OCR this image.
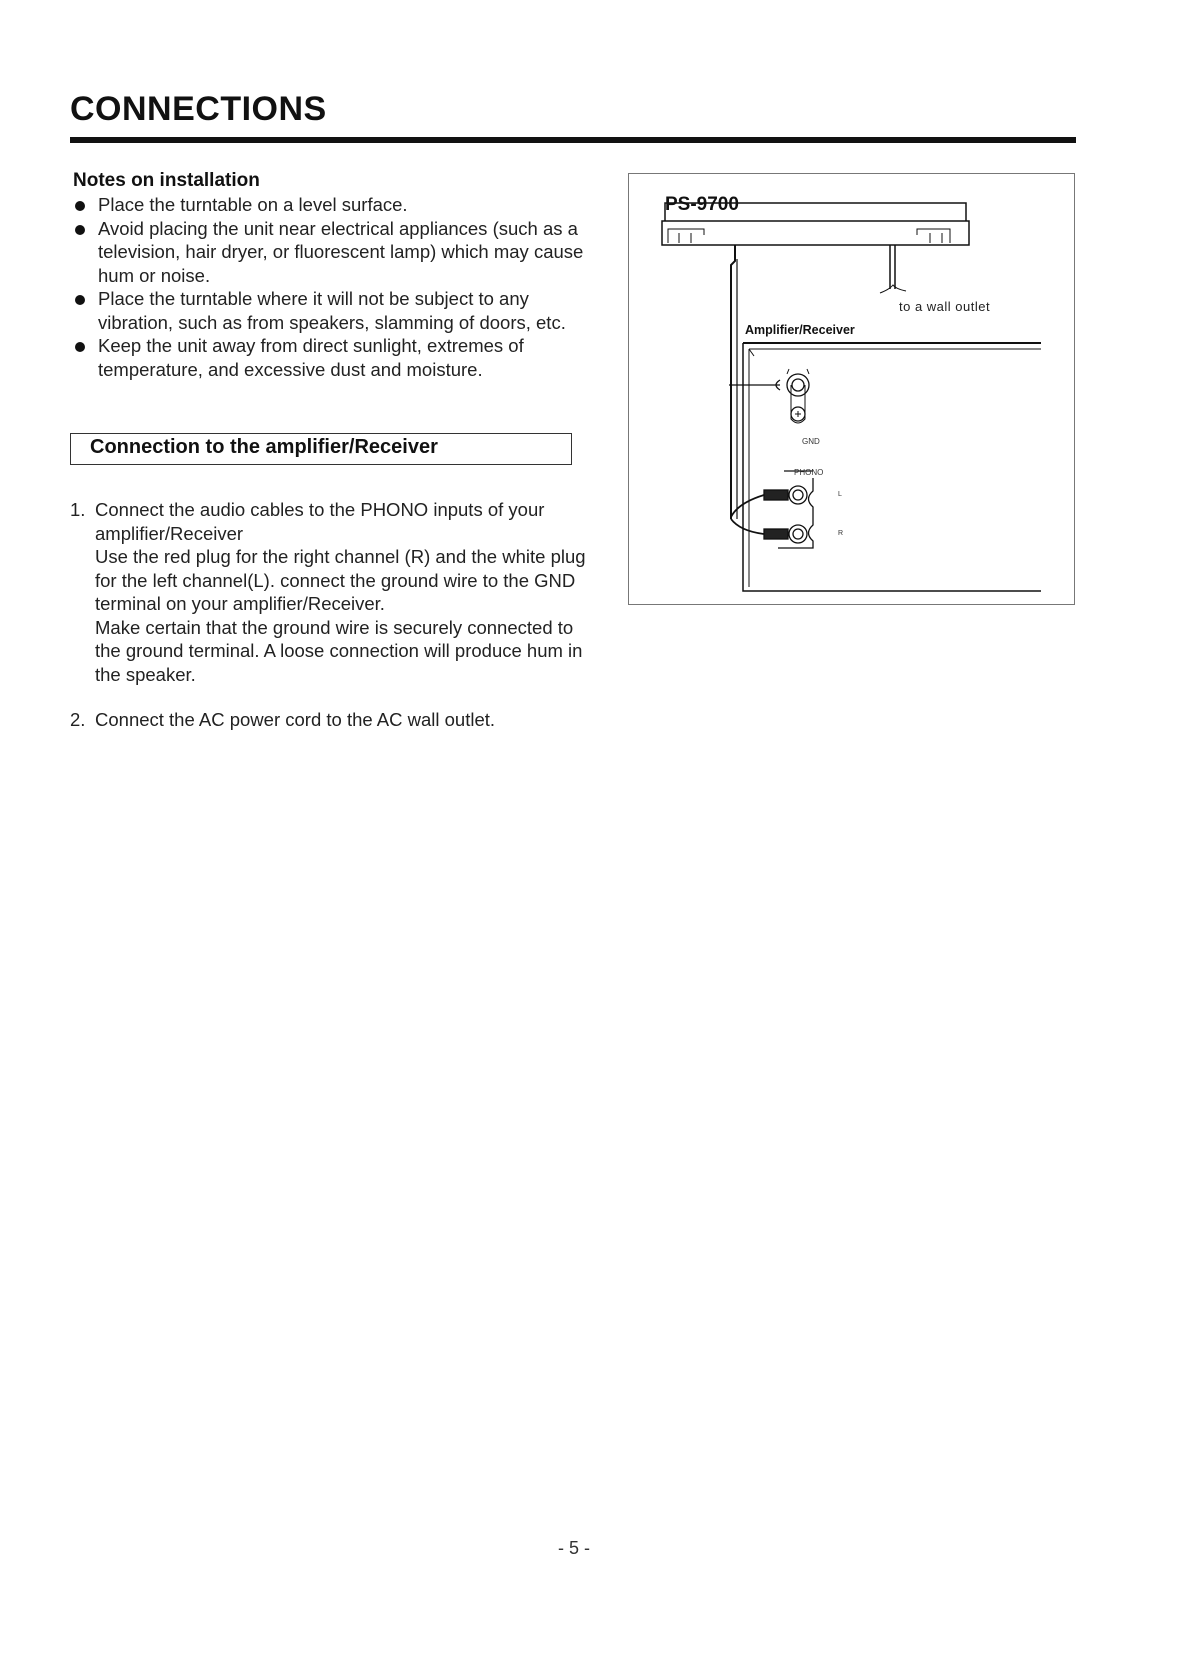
CONNECTIONS
Notes on installation
Place the turntable on a level surface.
Avoid placing the unit near electrical appliances (such as a television, hair dryer, or fluorescent lamp) which may cause hum or noise.
Place the turntable where it will not be subject to any vibration, such as from speakers, slamming of doors, etc.
Keep the unit away from direct sunlight, extremes of temperature, and excessive dust and moisture.
Connection to the amplifier/Receiver
1. Connect the audio cables to the PHONO inputs of your amplifier/Receiver
Use the red plug for the right channel (R) and the white plug for the left channel(L). connect the ground wire to the GND terminal on your amplifier/Receiver.
Make certain that the ground wire is securely connected to the ground terminal. A loose connection will produce hum in the speaker.
2. Connect the AC power cord to the AC wall outlet.
PS-9700
Amplifier/Receiver
to a wall outlet
GND
PHONO
L
R
- 5 -
